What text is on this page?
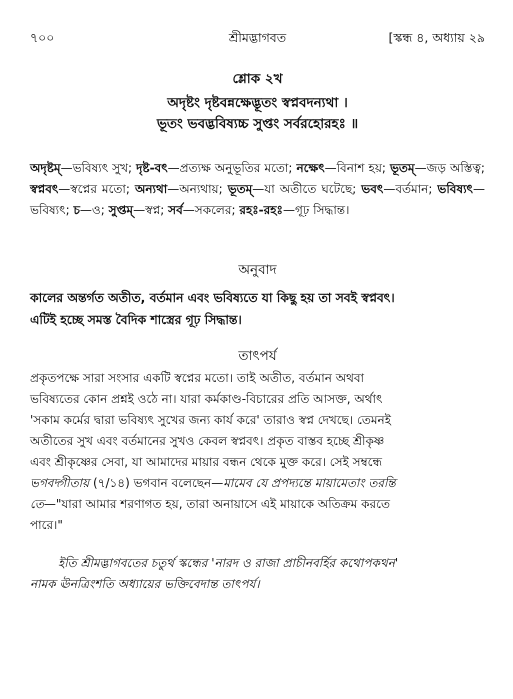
৭০০	শ্রীমদ্ভাগবত	[স্কন্ধ ৪, অধ্যায় ২৯
শ্লোক ২খ
অদৃষ্টং দৃষ্টবন্নক্ষেদ্ভূতং স্বপ্নবদন্যথা ।
ভূতং ভবদ্ভবিষ্যচ্চ সুপ্তং সর্বরহোরহঃ ॥
অদৃষ্টম্—ভবিষ্যৎ সুখ; দৃষ্ট-বৎ—প্রত্যক্ষ অনুভূতির মতো; নক্ষেৎ—বিনাশ হয়; ভূতম্—জড় অস্তিত্ব; স্বপ্নবৎ—স্বপ্নের মতো; অন্যথা—অন্যথায়; ভূতম্—যা অতীতে ঘটেছে; ভবৎ—বর্তমান; ভবিষ্যৎ—ভবিষ্যৎ; চ—ও; সুপ্তম্—স্বপ্ন; সর্ব—সকলের; রহঃ-রহঃ—গূঢ় সিদ্ধান্ত।
অনুবাদ
কালের অন্তর্গত অতীত, বর্তমান এবং ভবিষ্যতে যা কিছু হয় তা সবই স্বপ্নবৎ।
এটিই হচ্ছে সমস্ত বৈদিক শাস্ত্রের গূঢ় সিদ্ধান্ত।
তাৎপর্য
প্রকৃতপক্ষে সারা সংসার একটি স্বপ্নের মতো। তাই অতীত, বর্তমান অথবা
ভবিষ্যতের কোন প্রশ্নই ওঠে না। যারা কর্মকাণ্ড-বিচারের প্রতি আসক্ত, অর্থাৎ
'সকাম কর্মের দ্বারা ভবিষ্যৎ সুখের জন্য কার্য করে' তারাও স্বপ্ন দেখছে। তেমনই
অতীতের সুখ এবং বর্তমানের সুখও কেবল স্বপ্নবৎ। প্রকৃত বাস্তব হচ্ছে শ্রীকৃষ্ণ
এবং শ্রীকৃষ্ণের সেবা, যা আমাদের মায়ার বন্ধন থেকে মুক্ত করে। সেই সম্বন্ধে
ভগবদ্গীতায় (৭/১৪) ভগবান বলেছেন—মামেব যে প্রপদ্যন্তে মায়ামেতাং তরন্তি
তে—"যারা আমার শরণাগত হয়, তারা অনায়াসে এই মায়াকে অতিক্রম করতে
পারে।"
ইতি শ্রীমদ্ভাগবতের চতুর্থ স্কন্ধের 'নারদ ও রাজা প্রাচীনবর্হির কথোপকথন'
নামক ঊনত্রিংশতি অধ্যায়ের ভক্তিবেদান্ত তাৎপর্য।
